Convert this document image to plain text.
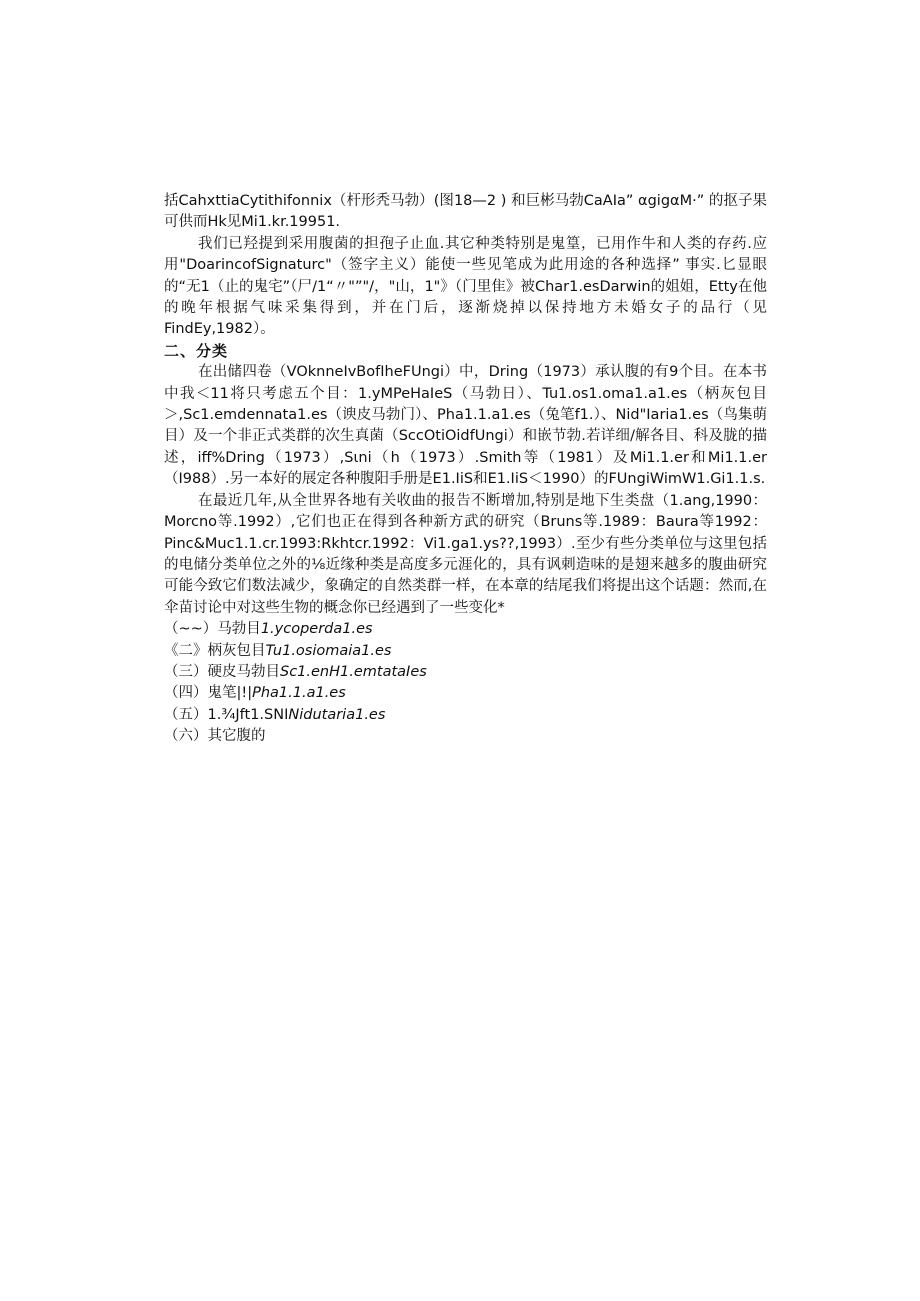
括CahxttiaCytithifonnix（杆形秃马勃）(图18—2 ) 和巨彬马勃CaAIa” αgigαM·” 的抠子果可供而Hk见Mi1.kr.19951.

我们已羟提到采用腹菌的担孢子止血.其它种类特别是鬼篁，已用作牛和人类的存药.应用"DoarincofSignaturc"（签字主义）能使一些见笔成为此用途的各种选择” 事实.匕显眼的“无1（止的鬼宅”（尸/1“〃"”"/，"山，1"》（门里隹》被Char1.esDarwin的姐姐，Etty在他的晚年根据气味采集得到，并在门后，逐渐烧掉以保持地方未婚女子的品行（见FindEy,1982）。

二、分类

在出储四卷（VOknneIvBofIheFUngi）中，Dring（1973）承认腹的有9个目。在本书中我＜11将只考虑五个目：1.yMPeHaIeS（马勃日）、Tu1.os1.oma1.a1.es（柄灰包目＞,Sc1.emdennata1.es（谀皮马勃门）、Pha1.1.a1.es（兔笔f1.）、Nid"Iaria1.es（鸟集萌目）及一个非正式类群的次生真菌（SccOtiOidfUngi）和嵌节勃.若详细/解各目、科及胧的描述，iff%Dring（1973）,Sιni（h（1973）.Smith等（1981）及Mi1.1.er和Mi1.1.er（I988）.另一本好的展定各种腹阳手册是E1.IiS和E1.IiS＜1990）的FUngiWimW1.Gi1.1.s.

在最近几年,从全世界各地有关收曲的报告不断增加,特别是地下生类盘（1.ang,1990：Morcno等.1992）,它们也正在得到各种新方武的研究（Bruns等.1989：Baura等1992：Pinc&Muc1.1.cr.1993:Rkhtcr.1992：Vi1.ga1.ys??,1993）.至少有些分类单位与这里包括的电储分类单位之外的⅛近缘种类是高度多元涯化的，具有讽刺造味的是翅来越多的腹曲研究可能今致它们数法减少，象确定的自然类群一样，在本章的结尾我们将提出这个话题：然而,在伞苗讨论中对这些生物的概念你已经遇到了一些变化*

（~~）马勃目1.ycoperda1.es
《二》柄灰包目Tu1.osiomaia1.es
（三）硬皮马勃目Sc1.enH1.emtataIes
（四）鬼笔|!|Pha1.1.a1.es
（五）1.¾Jft1.SNINidutaria1.es
（六）其它腹的
